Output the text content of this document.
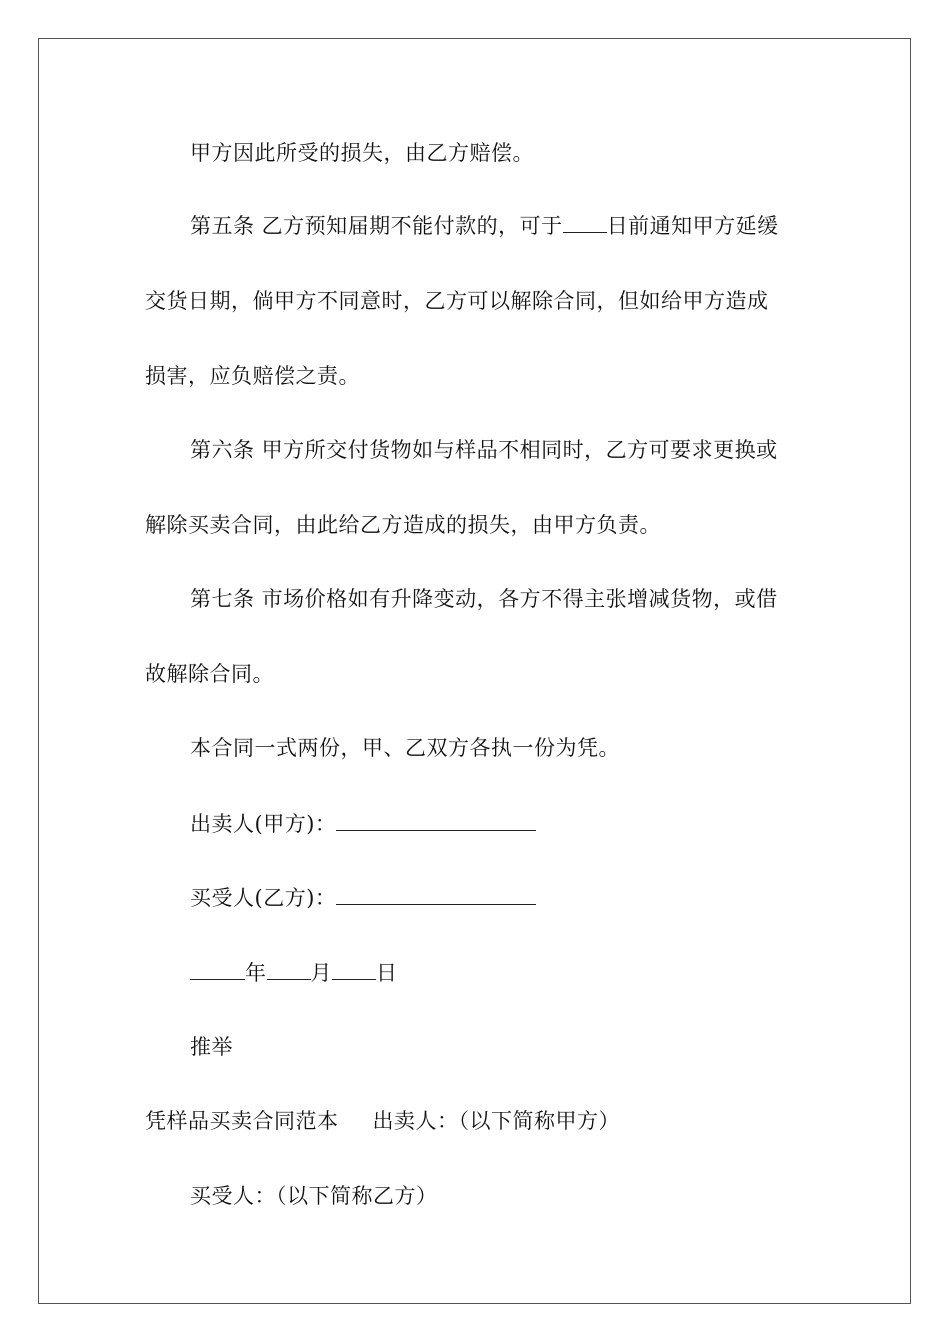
甲方因此所受的损失，由乙方赔偿。
第五条 乙方预知届期不能付款的，可于 日前通知甲方延缓
交货日期，倘甲方不同意时，乙方可以解除合同，但如给甲方造成
损害，应负赔偿之责。
第六条 甲方所交付货物如与样品不相同时，乙方可要求更换或
解除买卖合同，由此给乙方造成的损失，由甲方负责。
第七条 市场价格如有升降变动，各方不得主张增减货物，或借
故解除合同。
本合同一式两份，甲、乙双方各执一份为凭。
出卖人(甲方)：
买受人(乙方)：
年 月 日
推举
凭样品买卖合同范本 出卖人：（以下简称甲方）
买受人：（以下简称乙方）
